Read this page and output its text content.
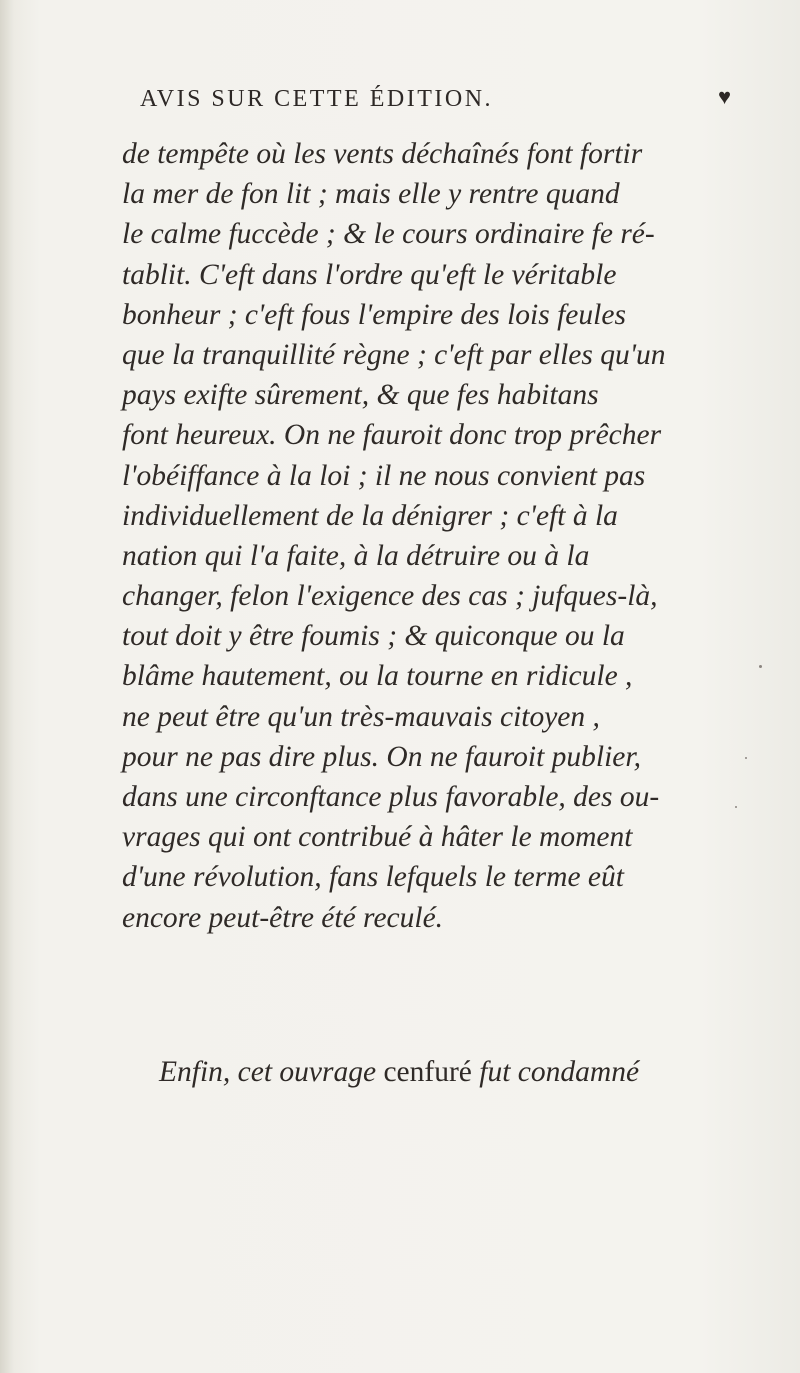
AVIS SUR CETTE ÉDITION.	♥
de tempête où les vents déchaînés font fortir
la mer de fon lit ; mais elle y rentre quand
le calme fuccède ; & le cours ordinaire fe ré-
tablit. C'eft dans l'ordre qu'eft le véritable
bonheur ; c'eft fous l'empire des lois feules
que la tranquillité règne ; c'eft par elles qu'un
pays exifte sûrement, & que fes habitans
font heureux. On ne fauroit donc trop prêcher
l'obéiffance à la loi ; il ne nous convient pas
individuellement de la dénigrer ; c'eft à la
nation qui l'a faite, à la détruire ou à la
changer, felon l'exigence des cas ; jufques-là,
tout doit y être foumis ; & quiconque ou la
blâme hautement, ou la tourne en ridicule ,
ne peut être qu'un très-mauvais citoyen ,
pour ne pas dire plus. On ne fauroit publier,
dans une circonftance plus favorable, des ou-
vrages qui ont contribué à hâter le moment
d'une révolution, fans lefquels le terme eût
encore peut-être été reculé.
Enfin, cet ouvrage cenfuré fut condamné
